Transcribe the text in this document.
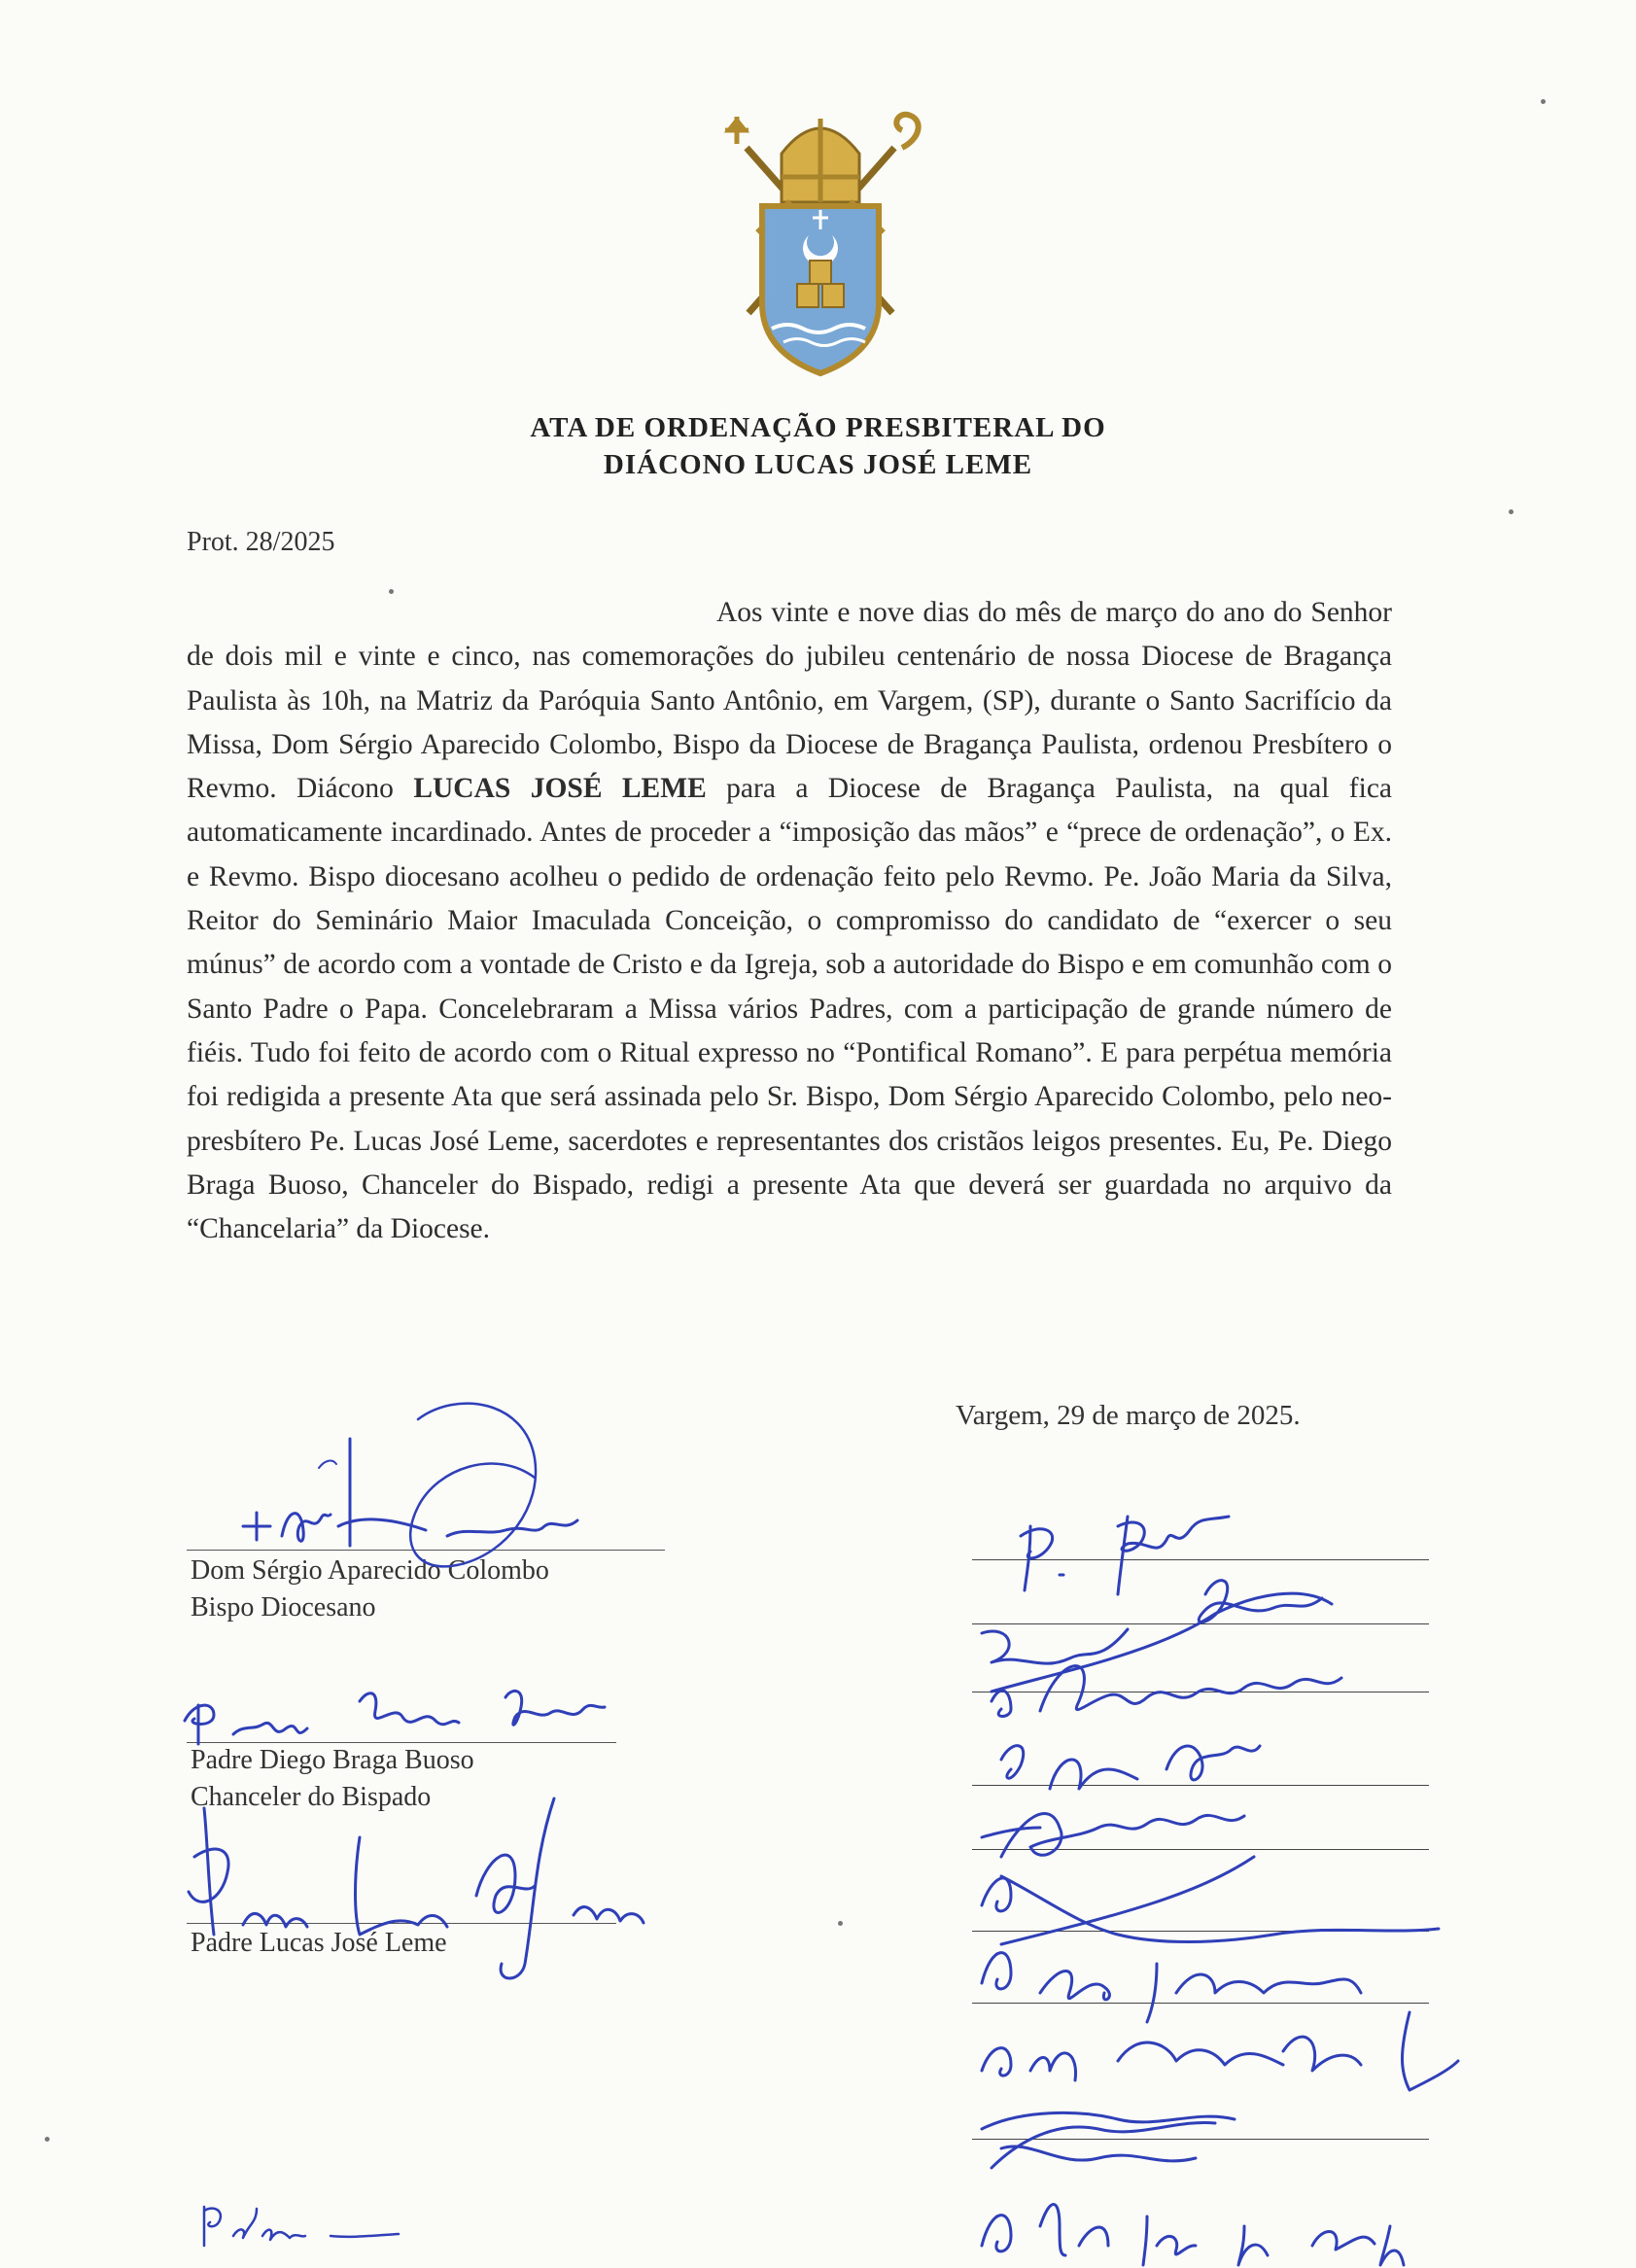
ATA DE ORDENAÇÃO PRESBITERAL DO
DIÁCONO LUCAS JOSÉ LEME
Prot. 28/2025

Aos vinte e nove dias do mês de março do ano do Senhor de dois mil e vinte e cinco, nas comemorações do jubileu centenário de nossa Diocese de Bragança Paulista às 10h, na Matriz da Paróquia Santo Antônio, em Vargem, (SP), durante o Santo Sacrifício da Missa, Dom Sérgio Aparecido Colombo, Bispo da Diocese de Bragança Paulista, ordenou Presbítero o Revmo. Diácono LUCAS JOSÉ LEME para a Diocese de Bragança Paulista, na qual fica automaticamente incardinado. Antes de proceder a “imposição das mãos” e “prece de ordenação”, o Ex. e Revmo. Bispo diocesano acolheu o pedido de ordenação feito pelo Revmo. Pe. João Maria da Silva, Reitor do Seminário Maior Imaculada Conceição, o compromisso do candidato de “exercer o seu múnus” de acordo com a vontade de Cristo e da Igreja, sob a autoridade do Bispo e em comunhão com o Santo Padre o Papa. Concelebraram a Missa vários Padres, com a participação de grande número de fiéis. Tudo foi feito de acordo com o Ritual expresso no “Pontifical Romano”. E para perpétua memória foi redigida a presente Ata que será assinada pelo Sr. Bispo, Dom Sérgio Aparecido Colombo, pelo neo-presbítero Pe. Lucas José Leme, sacerdotes e representantes dos cristãos leigos presentes. Eu, Pe. Diego Braga Buoso, Chanceler do Bispado, redigi a presente Ata que deverá ser guardada no arquivo da “Chancelaria” da Diocese.

Vargem, 29 de março de 2025.
Dom Sérgio Aparecido Colombo
Bispo Diocesano
Padre Diego Braga Buoso
Chanceler do Bispado
Padre Lucas José Leme
